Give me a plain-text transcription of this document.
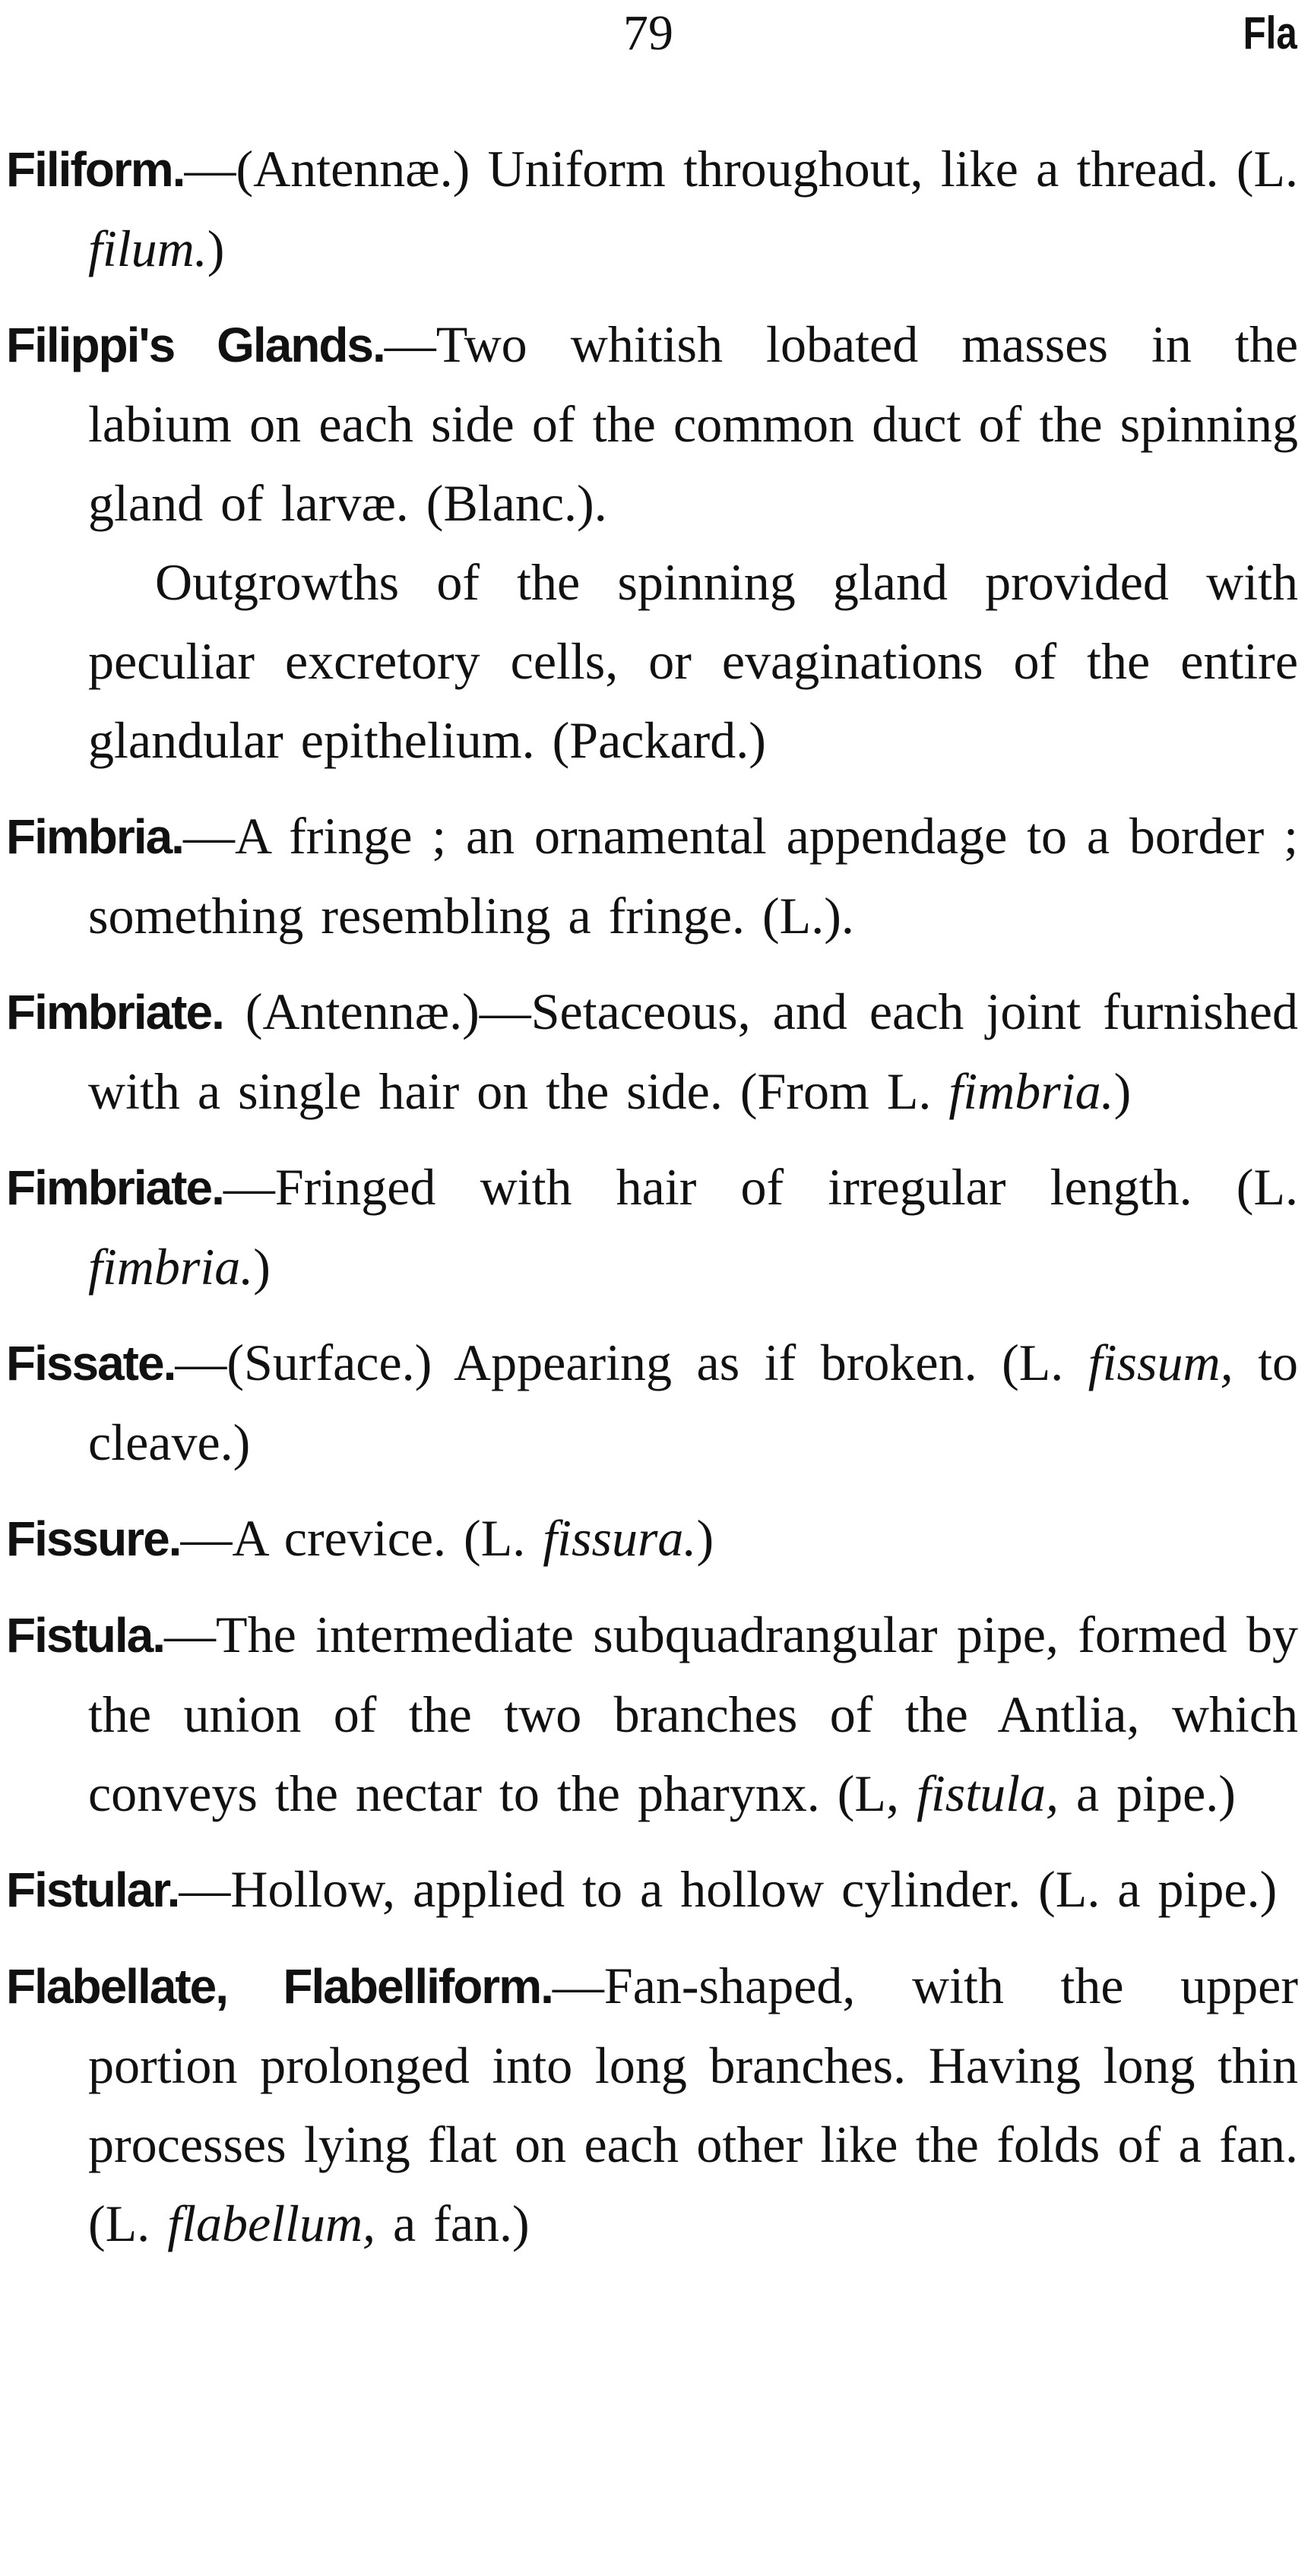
79	Fla

Filiform.—(Antennæ.) Uniform throughout, like a thread. (L. filum.)

Filippi's Glands.—Two whitish lobated masses in the labium on each side of the common duct of the spinning gland of larvæ. (Blanc.).

Outgrowths of the spinning gland provided with peculiar excretory cells, or evaginations of the entire glandular epithelium. (Packard.)

Fimbria.—A fringe ; an ornamental appendage to a border ; something resembling a fringe. (L.).

Fimbriate. (Antennæ.)—Setaceous, and each joint furnished with a single hair on the side. (From L. fimbria.)

Fimbriate.—Fringed with hair of irregular length. (L. fimbria.)

Fissate.—(Surface.) Appearing as if broken. (L. fissum, to cleave.)

Fissure.—A crevice. (L. fissura.)

Fistula.—The intermediate subquadrangular pipe, formed by the union of the two branches of the Antlia, which conveys the nectar to the pharynx. (L, fistula, a pipe.)

Fistular.—Hollow, applied to a hollow cylinder. (L. a pipe.)

Flabellate, Flabelliform.—Fan-shaped, with the upper portion prolonged into long branches. Having long thin processes lying flat on each other like the folds of a fan. (L. flabellum, a fan.)
